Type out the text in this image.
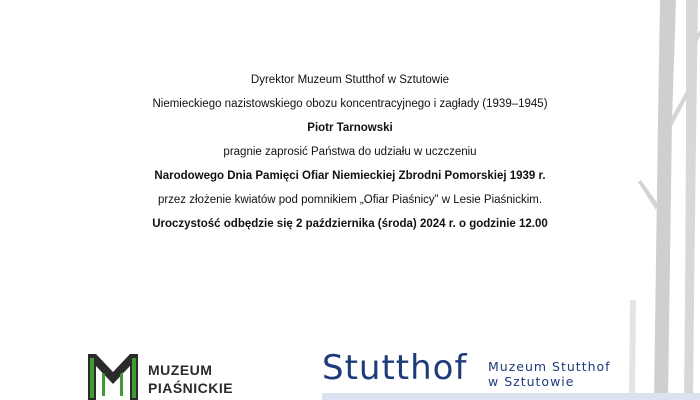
Dyrektor Muzeum Stutthof w Sztutowie

Niemieckiego nazistowskiego obozu koncentracyjnego i zagłady (1939–1945)

Piotr Tarnowski

pragnie zaprosić Państwa do udziału w uczczeniu

Narodowego Dnia Pamięci Ofiar Niemieckiej Zbrodni Pomorskiej 1939 r.

przez złożenie kwiatów pod pomnikiem „Ofiar Piaśnicy” w Lesie Piaśnickim.

Uroczystość odbędzie się 2 października (środa) 2024 r. o godzinie 12.00

MUZEUM
PIAŚNICKIE	Stutthof Muzeum Stutthof
w Sztutowie
